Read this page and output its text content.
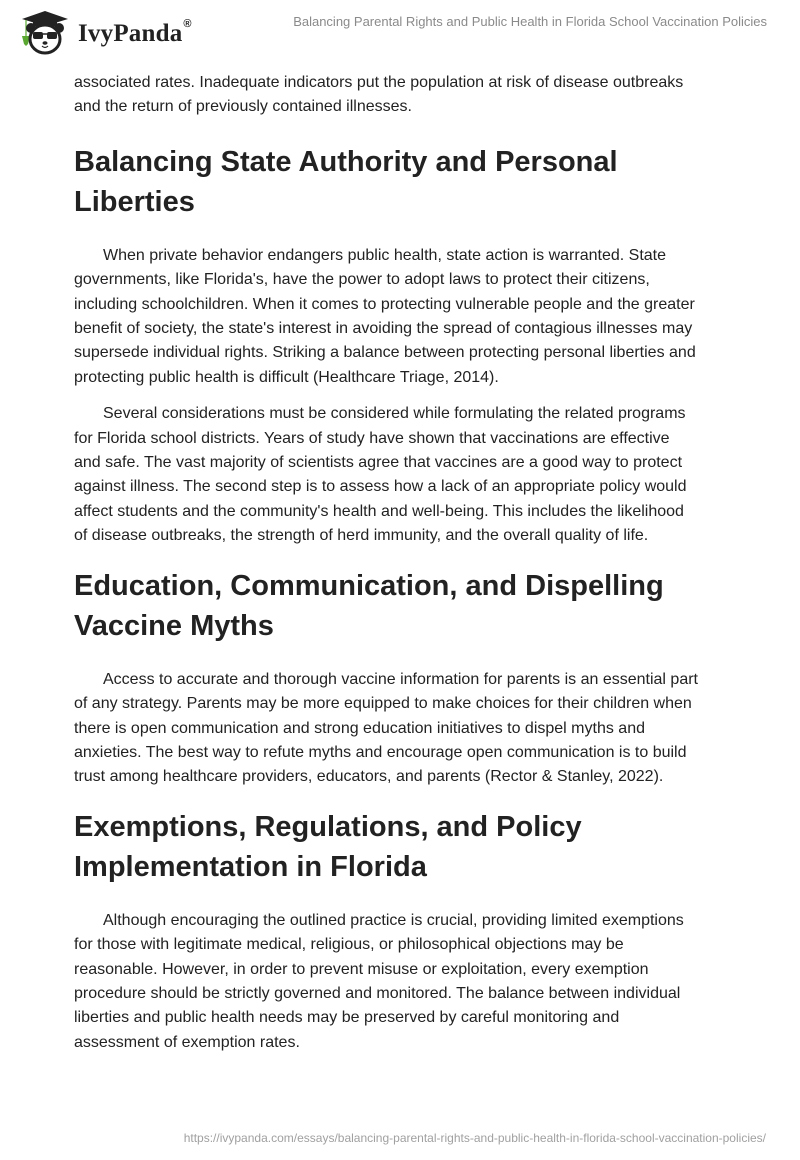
IvyPanda®	Balancing Parental Rights and Public Health in Florida School Vaccination Policies

associated rates. Inadequate indicators put the population at risk of disease outbreaks
and the return of previously contained illnesses.

Balancing State Authority and Personal
Liberties

When private behavior endangers public health, state action is warranted. State
governments, like Florida's, have the power to adopt laws to protect their citizens,
including schoolchildren. When it comes to protecting vulnerable people and the greater
benefit of society, the state's interest in avoiding the spread of contagious illnesses may
supersede individual rights. Striking a balance between protecting personal liberties and
protecting public health is difficult (Healthcare Triage, 2014).

Several considerations must be considered while formulating the related programs
for Florida school districts. Years of study have shown that vaccinations are effective
and safe. The vast majority of scientists agree that vaccines are a good way to protect
against illness. The second step is to assess how a lack of an appropriate policy would
affect students and the community's health and well-being. This includes the likelihood
of disease outbreaks, the strength of herd immunity, and the overall quality of life.

Education, Communication, and Dispelling
Vaccine Myths

Access to accurate and thorough vaccine information for parents is an essential part
of any strategy. Parents may be more equipped to make choices for their children when
there is open communication and strong education initiatives to dispel myths and
anxieties. The best way to refute myths and encourage open communication is to build
trust among healthcare providers, educators, and parents (Rector & Stanley, 2022).

Exemptions, Regulations, and Policy
Implementation in Florida

Although encouraging the outlined practice is crucial, providing limited exemptions
for those with legitimate medical, religious, or philosophical objections may be
reasonable. However, in order to prevent misuse or exploitation, every exemption
procedure should be strictly governed and monitored. The balance between individual
liberties and public health needs may be preserved by careful monitoring and
assessment of exemption rates.

https://ivypanda.com/essays/balancing-parental-rights-and-public-health-in-florida-school-vaccination-policies/
